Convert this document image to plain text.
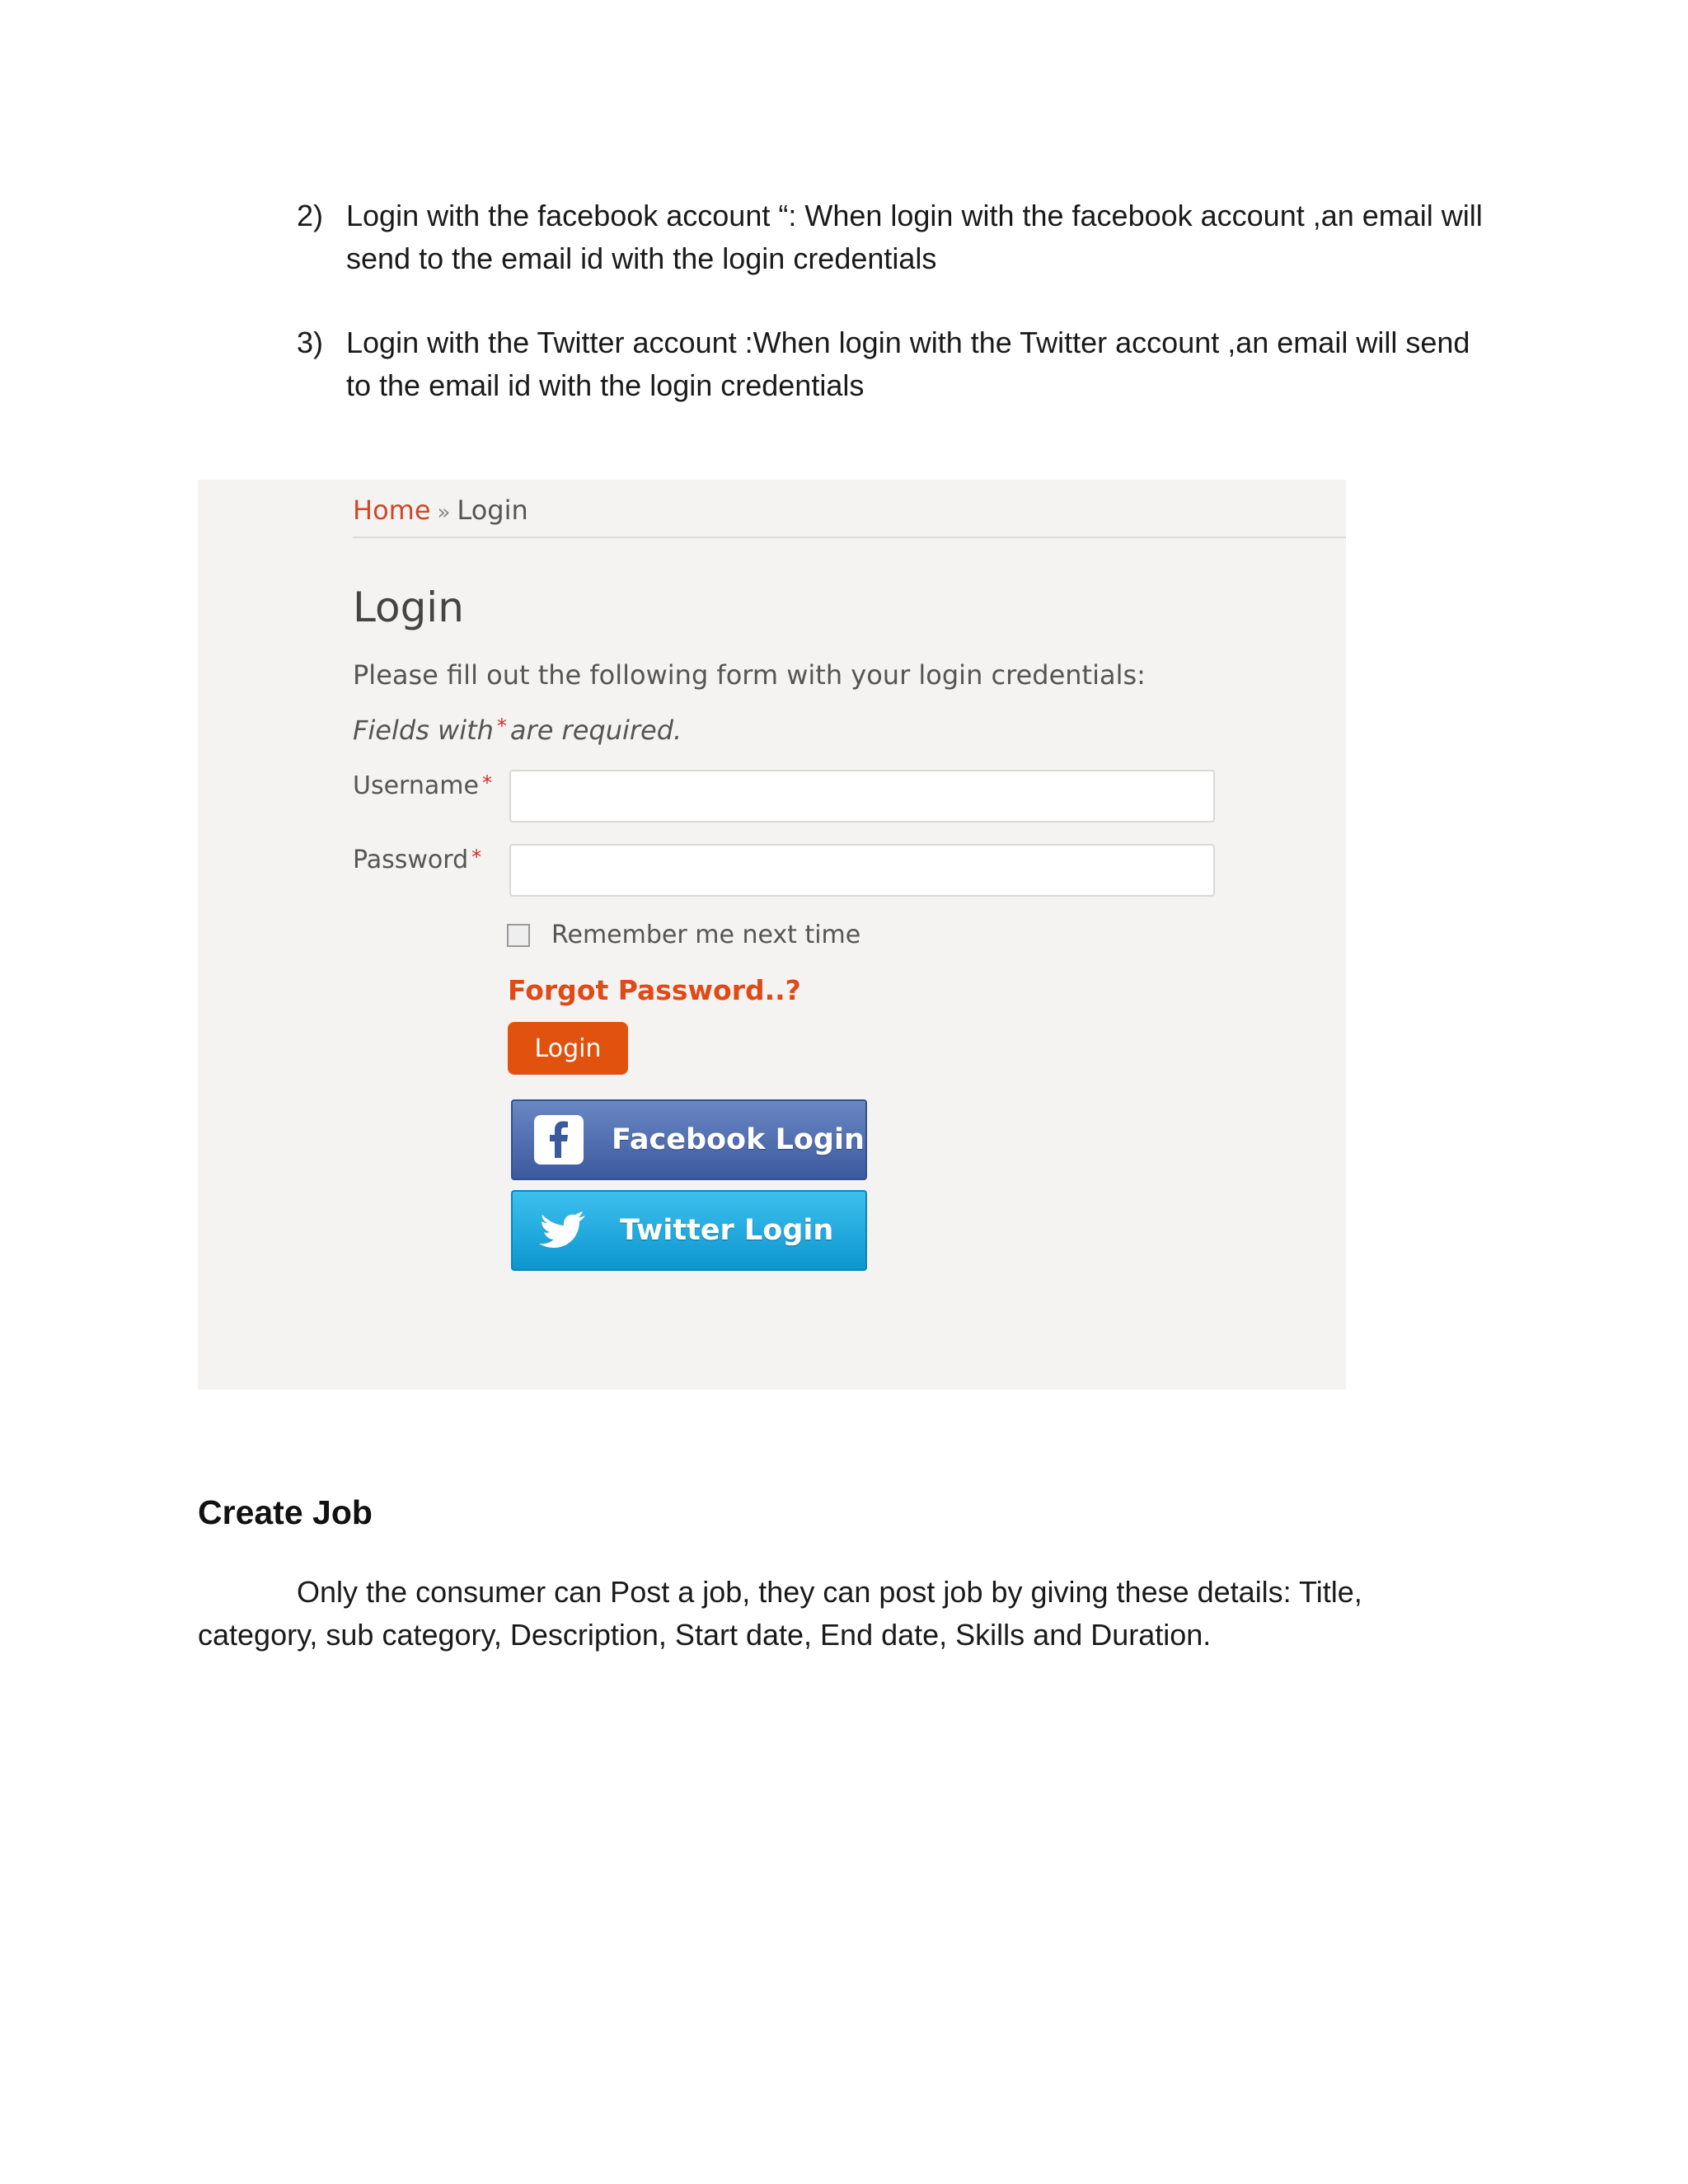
2) Login with the facebook account “: When login with the facebook account ,an email will send to the email id with the login credentials
3) Login with the Twitter account :When login with the Twitter account ,an email will send to the email id with the login credentials
Home » Login
Login
Please fill out the following form with your login credentials:
Fields with * are required.
Username *
Password *
Remember me next time
Forgot Password..?
Login
Facebook Login
Twitter Login
Create Job
Only the consumer can Post a job, they can post job by giving these details: Title, category, sub category, Description, Start date, End date, Skills and Duration.
